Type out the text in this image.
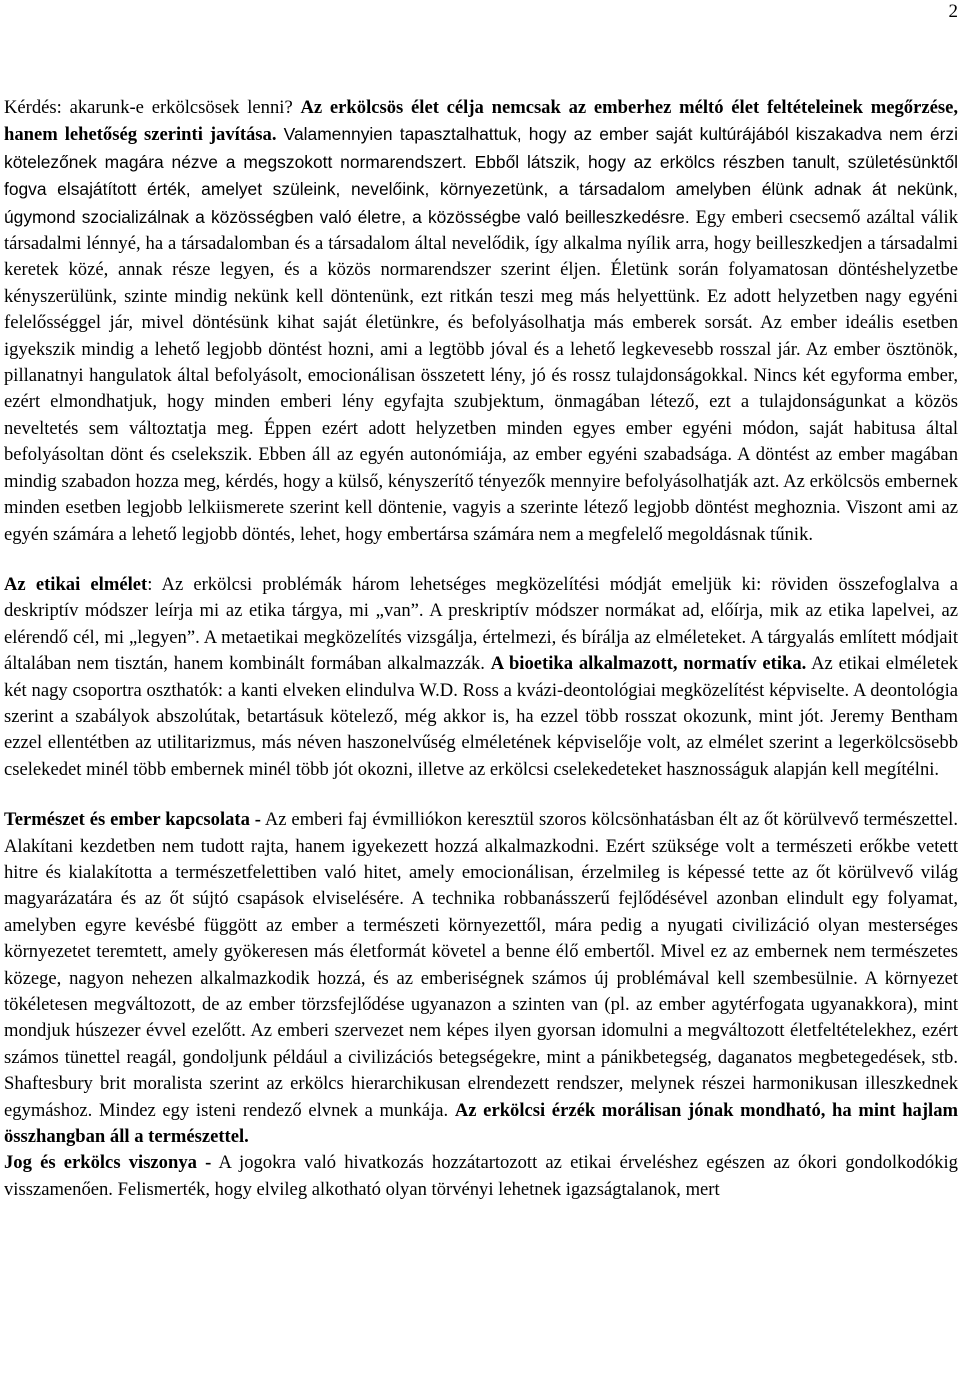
2

Kérdés: akarunk-e erkölcsösek lenni? Az erkölcsös élet célja nemcsak az emberhez méltó élet feltételeinek megőrzése, hanem lehetőség szerinti javítása. Valamennyien tapasztalhattuk, hogy az ember saját kultúrájából kiszakadva nem érzi kötelezőnek magára nézve a megszokott normarendszert. Ebből látszik, hogy az erkölcs részben tanult, születésünktől fogva elsajátított érték, amelyet szüleink, nevelőink, környezetünk, a társadalom amelyben élünk adnak át nekünk, úgymond szocializálnak a közösségben való életre, a közösségbe való beilleszkedésre. Egy emberi csecsemő azáltal válik társadalmi lénnyé, ha a társadalomban és a társadalom által nevelődik, így alkalma nyílik arra, hogy beilleszkedjen a társadalmi keretek közé, annak része legyen, és a közös normarendszer szerint éljen. Életünk során folyamatosan döntéshelyzetbe kényszerülünk, szinte mindig nekünk kell döntenünk, ezt ritkán teszi meg más helyettünk. Ez adott helyzetben nagy egyéni felelősséggel jár, mivel döntésünk kihat saját életünkre, és befolyásolhatja más emberek sorsát. Az ember ideális esetben igyekszik mindig a lehető legjobb döntést hozni, ami a legtöbb jóval és a lehető legkevesebb rosszal jár. Az ember ösztönök, pillanatnyi hangulatok által befolyásolt, emocionálisan összetett lény, jó és rossz tulajdonságokkal. Nincs két egyforma ember, ezért elmondhatjuk, hogy minden emberi lény egyfajta szubjektum, önmagában létező, ezt a tulajdonságunkat a közös neveltetés sem változtatja meg. Éppen ezért adott helyzetben minden egyes ember egyéni módon, saját habitusa által befolyásoltan dönt és cselekszik. Ebben áll az egyén autonómiája, az ember egyéni szabadsága. A döntést az ember magában mindig szabadon hozza meg, kérdés, hogy a külső, kényszerítő tényezők mennyire befolyásolhatják azt. Az erkölcsös embernek minden esetben legjobb lelkiismerete szerint kell döntenie, vagyis a szerinte létező legjobb döntést meghoznia. Viszont ami az egyén számára a lehető legjobb döntés, lehet, hogy embertársa számára nem a megfelelő megoldásnak tűnik.

Az etikai elmélet: Az erkölcsi problémák három lehetséges megközelítési módját emeljük ki: röviden összefoglalva a deskriptív módszer leírja mi az etika tárgya, mi „van”. A preskriptív módszer normákat ad, előírja, mik az etika lapelvei, az elérendő cél, mi „legyen”. A metaetikai megközelítés vizsgálja, értelmezi, és bírálja az elméleteket. A tárgyalás említett módjait általában nem tisztán, hanem kombinált formában alkalmazzák. A bioetika alkalmazott, normatív etika. Az etikai elméletek két nagy csoportra oszthatók: a kanti elveken elindulva W.D. Ross a kvázi-deontológiai megközelítést képviselte. A deontológia szerint a szabályok abszolútak, betartásuk kötelező, még akkor is, ha ezzel több rosszat okozunk, mint jót. Jeremy Bentham ezzel ellentétben az utilitarizmus, más néven haszonelvűség elméletének képviselője volt, az elmélet szerint a legerkölcsösebb cselekedet minél több embernek minél több jót okozni, illetve az erkölcsi cselekedeteket hasznosságuk alapján kell megítélni.

Természet és ember kapcsolata - Az emberi faj évmilliókon keresztül szoros kölcsönhatásban élt az őt körülvevő természettel. Alakítani kezdetben nem tudott rajta, hanem igyekezett hozzá alkalmazkodni. Ezért szüksége volt a természeti erőkbe vetett hitre és kialakította a természetfelettiben való hitet, amely emocionálisan, érzelmileg is képessé tette az őt körülvevő világ magyarázatára és az őt sújtó csapások elviselésére. A technika robbanásszerű fejlődésével azonban elindult egy folyamat, amelyben egyre kevésbé függött az ember a természeti környezettől, mára pedig a nyugati civilizáció olyan mesterséges környezetet teremtett, amely gyökeresen más életformát követel a benne élő embertől. Mivel ez az embernek nem természetes közege, nagyon nehezen alkalmazkodik hozzá, és az emberiségnek számos új problémával kell szembesülnie. A környezet tökéletesen megváltozott, de az ember törzsfejlődése ugyanazon a szinten van (pl. az ember agytérfogata ugyanakkora), mint mondjuk húszezer évvel ezelőtt. Az emberi szervezet nem képes ilyen gyorsan idomulni a megváltozott életfeltételekhez, ezért számos tünettel reagál, gondoljunk például a civilizációs betegségekre, mint a pánikbetegség, daganatos megbetegedések, stb. Shaftesbury brit moralista szerint az erkölcs hierarchikusan elrendezett rendszer, melynek részei harmonikusan illeszkednek egymáshoz. Mindez egy isteni rendező elvnek a munkája. Az erkölcsi érzék morálisan jónak mondható, ha mint hajlam összhangban áll a természettel.

Jog és erkölcs viszonya - A jogokra való hivatkozás hozzátartozott az etikai érveléshez egészen az ókori gondolkodókig visszamenően. Felismerték, hogy elvileg alkotható olyan törvényi lehetnek igazságtalanok, mert
